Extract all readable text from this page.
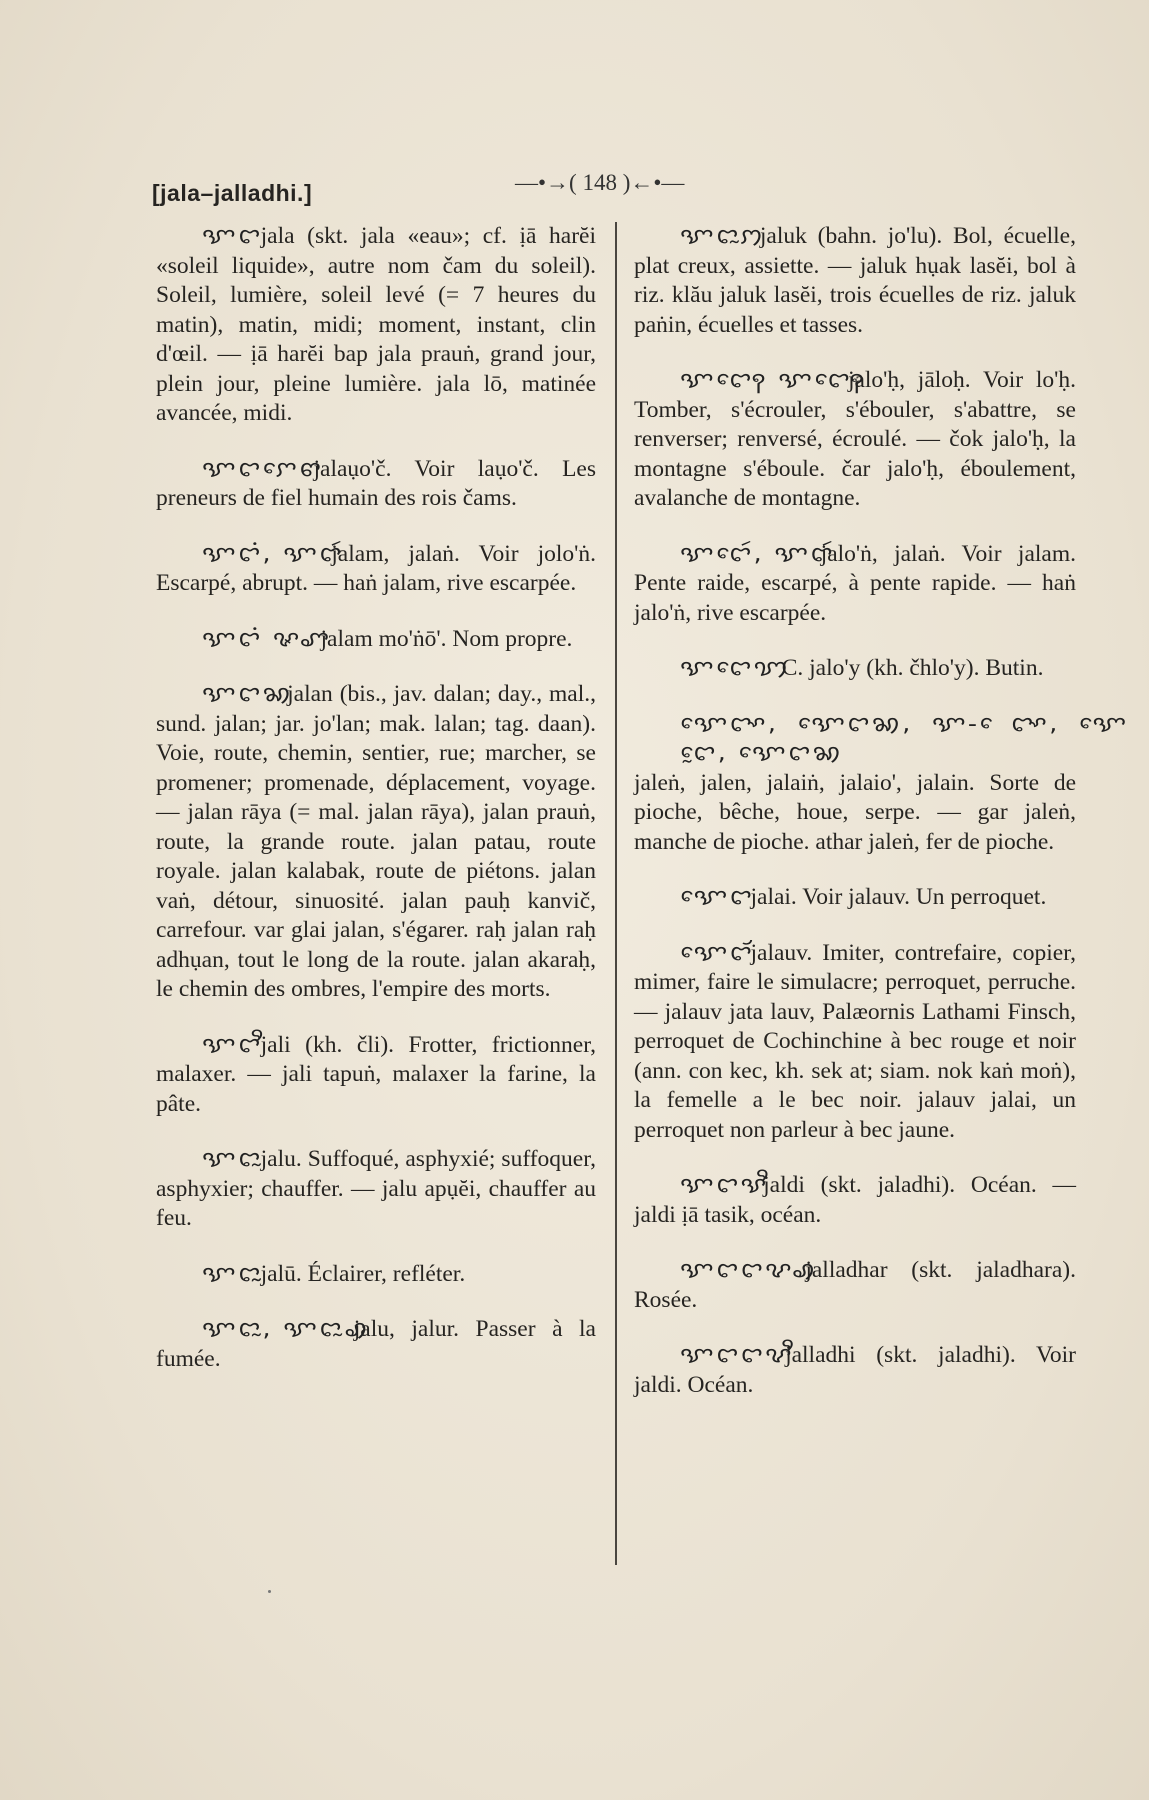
[jala–jalladhi.]	—•→( 148 )←•—

ꨎꨤjala (skt. jala «eau»; cf. ịā harĕi «soleil liquide», autre nom čam du soleil). Soleil, lumière, soleil levé (= 7 heures du matin), matin, midi; moment, instant, clin d'œil. — ịā harĕi bap jala prauṅ, grand jour, plein jour, pleine lumière. jala lō, matinée avancée, midi.

ꨎꨤꨆꨯꨓjalaụo'č. Voir laụo'č. Les preneurs de fiel humain des rois čams.

ꨎꨤꩌ, ꨎꨤꩃjalam, jalaṅ. Voir jolo'ṅ. Escarpé, abrupt. — haṅ jalam, rive escarpée.

ꨎꨤꩌ ꨟꨚjalam mo'ṅō'. Nom propre.

ꨎꨤꩆjalan (bis., jav. dalan; day., mal., sund. jalan; jar. jo'lan; mak. lalan; tag. daan). Voie, route, chemin, sentier, rue; marcher, se promener; promenade, déplacement, voyage. — jalan rāya (= mal. jalan rāya), jalan prauṅ, route, la grande route. jalan patau, route royale. jalan kalabak, route de piétons. jalan vaṅ, détour, sinuosité. jalan pauḥ kanvič, carrefour. var glai jalan, s'égarer. raḥ jalan raḥ adhụan, tout le long de la route. jalan akaraḥ, le chemin des ombres, l'empire des morts.

ꨎꨤꨪjali (kh. čli). Frotter, frictionner, malaxer. — jali tapuṅ, malaxer la farine, la pâte.

ꨎꨤꨭjalu. Suffoqué, asphyxié; suffoquer, asphyxier; chauffer. — jalu apụĕi, chauffer au feu.

ꨎꨤꨭꨭjalū. Éclairer, refléter.

ꨎꨤꨭ, ꨎꨤꨭꩉjalu, jalur. Passer à la fumée.

ꨎꨤꨭꩀjaluk (bahn. jo'lu). Bol, écuelle, plat creux, assiette. — jaluk hụak lasĕi, bol à riz. klău jaluk lasĕi, trois écuelles de riz. jaluk paṅin, écuelles et tasses.

ꨎꨤꨯꩍ ꨎꨤꨯꩍjalo'ḥ, jāloḥ. Voir lo'ḥ. Tomber, s'écrouler, s'ébouler, s'abattre, se renverser; renversé, écroulé. — čok jalo'ḥ, la montagne s'éboule. čar jalo'ḥ, éboulement, avalanche de montagne.

ꨎꨤꨯꩃ, ꨎꨤꩃjalo'ṅ, jalaṅ. Voir jalam. Pente raide, escarpé, à pente rapide. — haṅ jalo'ṅ, rive escarpée.

ꨎꨤꨯꩈC. jalo'y (kh. čhlo'y). Butin.

ꨎꨯꨤꨳ, ꨎꨯꨤꩆ, ꨎ- ꨯꨤꨳ, ꨎꨯꨤꨰ, ꨎꨯꨤꩆjaleṅ, jalen, jalaiṅ, jalaio', jalain. Sorte de pioche, bêche, houe, serpe. — gar jaleṅ, manche de pioche. athar jaleṅ, fer de pioche.

ꨎꨯꨤjalai. Voir jalauv. Un perroquet.

ꨎꨯꨤꨮjalauv. Imiter, contrefaire, copier, mimer, faire le simulacre; perroquet, perruche. — jalauv jata lauv, Palæornis Lathami Finsch, perroquet de Cochinchine à bec rouge et noir (ann. con kec, kh. sek at; siam. nok kaṅ moṅ), la femelle a le bec noir. jalauv jalai, un perroquet non parleur à bec jaune.

ꨎꨤꨕꨪjaldi (skt. jaladhi). Océan. — jaldi ịā tasik, océan.

ꨎꨤꨤꨖꩉjalladhar (skt. jaladhara). Rosée.

ꨎꨤꨤꨖꨪjalladhi (skt. jaladhi). Voir jaldi. Océan.
